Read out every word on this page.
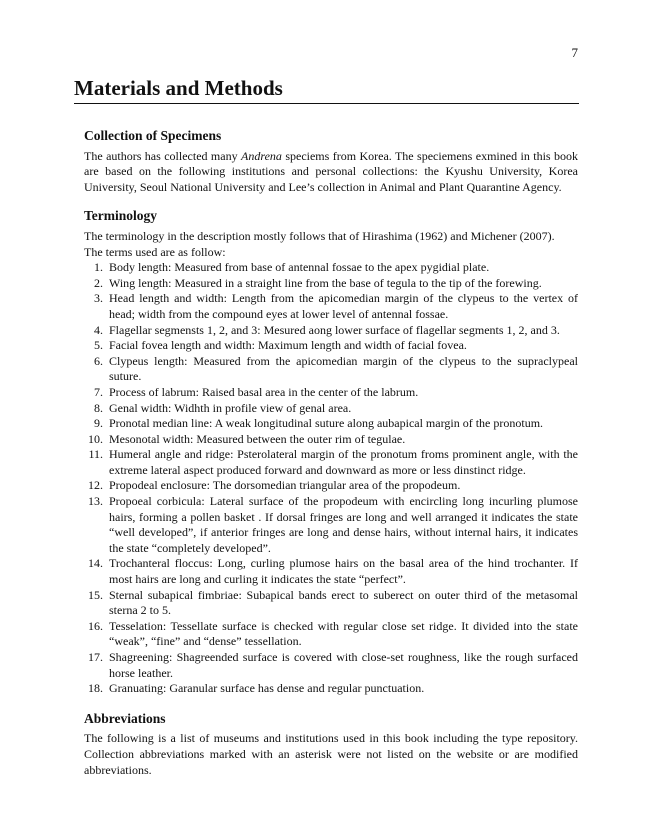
7
Materials and Methods
Collection of Specimens

The authors has collected many Andrena speciems from Korea. The speciemens exmined in this book are based on the following institutions and personal collections: the Kyushu University, Korea University, Seoul National University and Lee’s collection in Animal and Plant Quarantine Agency.

Terminology

The terminology in the description mostly follows that of Hirashima (1962) and Michener (2007).

The terms used are as follow:

1. Body length: Measured from base of antennal fossae to the apex pygidial plate.
2. Wing length: Measured in a straight line from the base of tegula to the tip of the forewing.
3. Head length and width: Length from the apicomedian margin of the clypeus to the vertex of head; width from the compound eyes at lower level of antennal fossae.
4. Flagellar segmensts 1, 2, and 3: Mesured aong lower surface of flagellar segments 1, 2, and 3.
5. Facial fovea length and width: Maximum length and width of facial fovea.
6. Clypeus length: Measured from the apicomedian margin of the clypeus to the supraclypeal suture.
7. Process of labrum: Raised basal area in the center of the labrum.
8. Genal width: Widhth in profile view of genal area.
9. Pronotal median line: A weak longitudinal suture along aubapical margin of the pronotum.
10. Mesonotal width: Measured between the outer rim of tegulae.
11. Humeral angle and ridge: Psterolateral margin of the pronotum froms prominent angle, with the extreme lateral aspect produced forward and downward as more or less dinstinct ridge.
12. Propodeal enclosure: The dorsomedian triangular area of the propodeum.
13. Propoeal corbicula: Lateral surface of the propodeum with encircling long incurling plumose hairs, forming a pollen basket . If dorsal fringes are long and well arranged it indicates the state “well developed”, if anterior fringes are long and dense hairs, without internal hairs, it indicates the state “completely developed”.
14. Trochanteral floccus: Long, curling plumose hairs on the basal area of the hind trochanter. If most hairs are long and curling it indicates the state “perfect”.
15. Sternal subapical fimbriae: Subapical bands erect to suberect on outer third of the metasomal sterna 2 to 5.
16. Tesselation: Tessellate surface is checked with regular close set ridge. It divided into the state “weak”, “fine” and “dense” tessellation.
17. Shagreening: Shagreended surface is covered with close-set roughness, like the rough surfaced horse leather.
18. Granuating: Garanular surface has dense and regular punctuation.
Abbreviations

The following is a list of museums and institutions used in this book including the type repository. Collection abbreviations marked with an asterisk were not listed on the website or are modified abbreviations.
